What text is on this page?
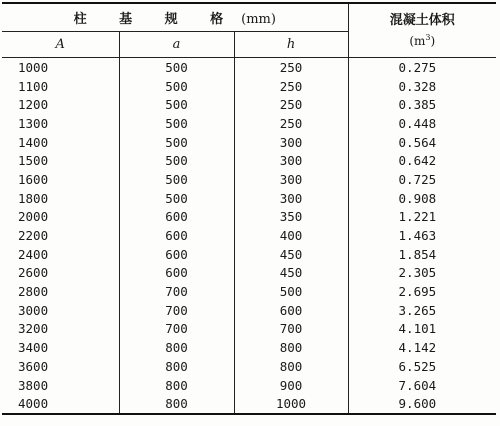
柱 基 规 格 (mm)			混凝土体积
$(m^3)$

A	a	h	
1000	500	250	0.275
1100	500	250	0.328
1200	500	250	0.385
1300	500	250	0.448
1400	500	300	0.564
1500	500	300	0.642
1600	500	300	0.725
1800	500	300	0.908
2000	600	350	1.221
2200	600	400	1.463
2400	600	450	1.854
2600	600	450	2.305
2800	700	500	2.695
3000	700	600	3.265
3200	700	700	4.101
3400	800	800	4.142
3600	800	800	6.525
3800	800	900	7.604
4000	800	1000	9.600
